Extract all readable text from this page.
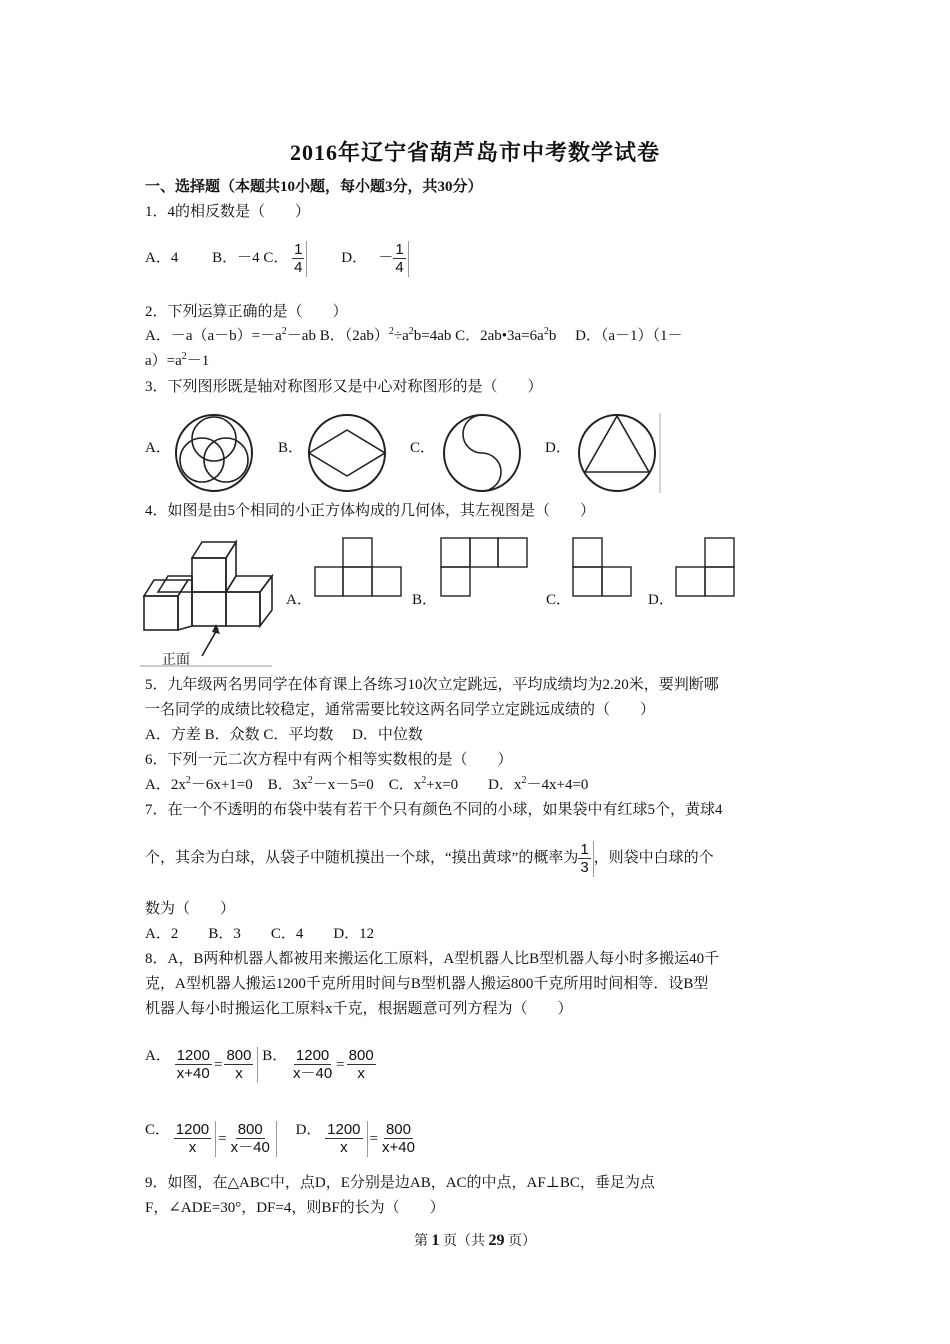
2016年辽宁省葫芦岛市中考数学试卷
一、选择题（本题共10小题，每小题3分，共30分）
1．4的相反数是（　　）
A．4　　 B．－4 C． $\frac{1}{4}$
　　 D．　 － $\frac{1}{4}$
2．下列运算正确的是（　　）
A．$-a(a-b)=-a^2-ab$ B．$(2ab)^2\div a^2b=4ab$ C．$2ab•3a=6a^2b$　 D．（a－1）（1－
$a)=a^2-1$
3．下列图形既是轴对称图形又是中心对称图形的是（　　）
A．	B．	C．	D．
4．如图是由5个相同的小正方体构成的几何体，其左视图是（　　）
正面
A．	B．	C．	D．
5．九年级两名男同学在体育课上各练习10次立定跳远，平均成绩均为2.20米，要判断哪
一名同学的成绩比较稳定，通常需要比较这两名同学立定跳远成绩的（　　）
A．方差 B．众数 C．平均数　 D．中位数
6．下列一元二次方程中有两个相等实数根的是（　　）
A．$2x^2-6x+1=0$　B．$3x^2-x-5=0$　C．$x^2+x=0$　　D．$x^2-4x+4=0$
7．在一个不透明的布袋中装有若干个只有颜色不同的小球，如果袋中有红球5个，黄球4
个，其余为白球，从袋子中随机摸出一个球，“摸出黄球”的概率为 $\frac{1}{3}$ ，则袋中白球的个
数为（　　）
A．2　　B．3　　C．4　　D．12
8．A，B两种机器人都被用来搬运化工原料，A型机器人比B型机器人每小时多搬运40千
克，A型机器人搬运1200千克所用时间与B型机器人搬运800千克所用时间相等．设B型
机器人每小时搬运化工原料x千克，根据题意可列方程为（　　）
A． $\frac{1200}{x+40} = \frac{800}{x}$ B． $\frac{1200}{x-40} = \frac{800}{x}$
C． $\frac{1200}{x} = \frac{800}{x-40}$
　 D． $\frac{1200}{x} = \frac{800}{x+40}$
9．如图，在△ABC中，点D，E分别是边AB，AC的中点，AF⊥BC，垂足为点
F，∠ADE=30°，DF=4，则BF的长为（　　）
第 1 页（共 29 页）
